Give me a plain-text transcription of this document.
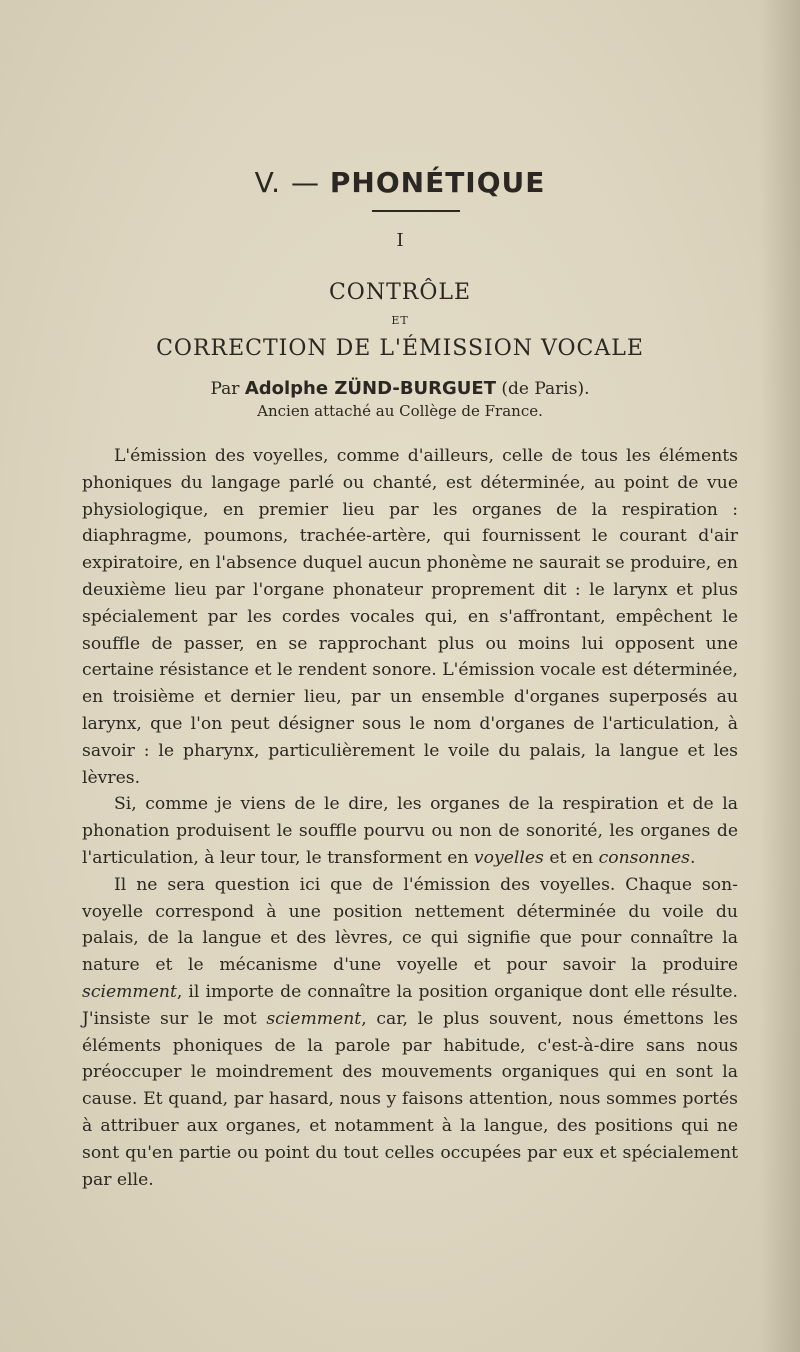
V. — PHONÉTIQUE
I
CONTRÔLE
ET
CORRECTION DE L'ÉMISSION VOCALE
Par Adolphe ZÜND-BURGUET (de Paris).
Ancien attaché au Collège de France.

L'émission des voyelles, comme d'ailleurs, celle de tous les éléments phoniques du langage parlé ou chanté, est déterminée, au point de vue physiologique, en premier lieu par les organes de la respiration : diaphragme, poumons, trachée-artère, qui fournissent le courant d'air expiratoire, en l'absence duquel aucun phonème ne saurait se produire, en deuxième lieu par l'organe phonateur proprement dit : le larynx et plus spécialement par les cordes vocales qui, en s'affrontant, empêchent le souffle de passer, en se rapprochant plus ou moins lui opposent une certaine résistance et le rendent sonore. L'émission vocale est déterminée, en troisième et dernier lieu, par un ensemble d'organes superposés au larynx, que l'on peut désigner sous le nom d'organes de l'articulation, à savoir : le pharynx, particulièrement le voile du palais, la langue et les lèvres.

Si, comme je viens de le dire, les organes de la respiration et de la phonation produisent le souffle pourvu ou non de sonorité, les organes de l'articulation, à leur tour, le transforment en voyelles et en consonnes.

Il ne sera question ici que de l'émission des voyelles. Chaque son-voyelle correspond à une position nettement déterminée du voile du palais, de la langue et des lèvres, ce qui signifie que pour connaître la nature et le mécanisme d'une voyelle et pour savoir la produire sciemment, il importe de connaître la position organique dont elle résulte. J'insiste sur le mot sciemment, car, le plus souvent, nous émettons les éléments phoniques de la parole par habitude, c'est-à-dire sans nous préoccuper le moindrement des mouvements organiques qui en sont la cause. Et quand, par hasard, nous y faisons attention, nous sommes portés à attribuer aux organes, et notamment à la langue, des positions qui ne sont qu'en partie ou point du tout celles occupées par eux et spécialement par elle.
